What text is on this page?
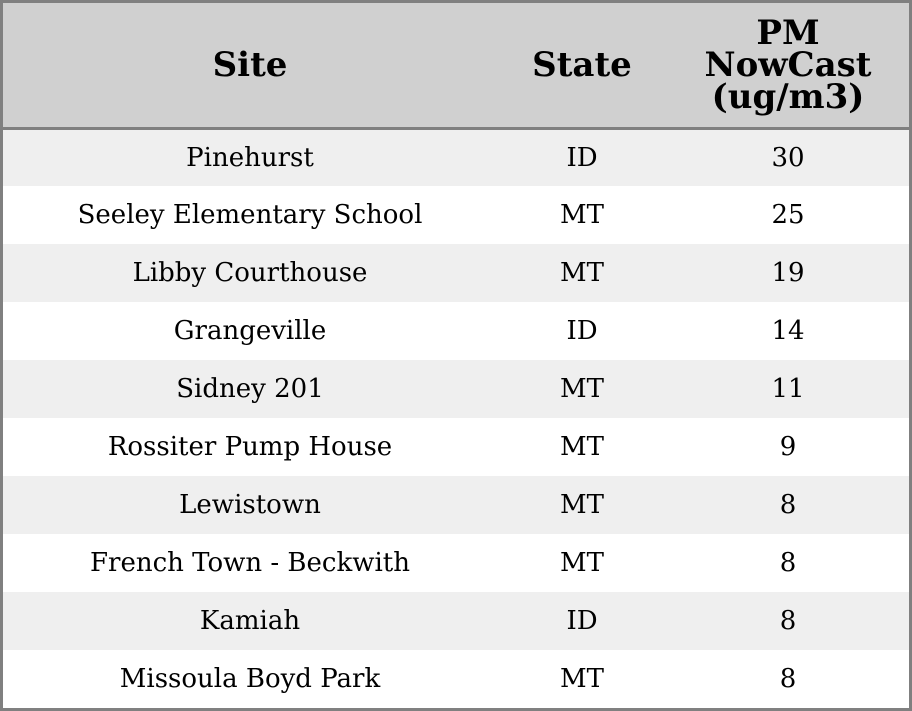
Site	State	PM
NowCast
(ug/m3)

Pinehurst	ID	30
Seeley Elementary School	MT	25
Libby Courthouse	MT	19
Grangeville	ID	14
Sidney 201	MT	11
Rossiter Pump House	MT	9
Lewistown	MT	8
French Town - Beckwith	MT	8
Kamiah	ID	8
Missoula Boyd Park	MT	8
